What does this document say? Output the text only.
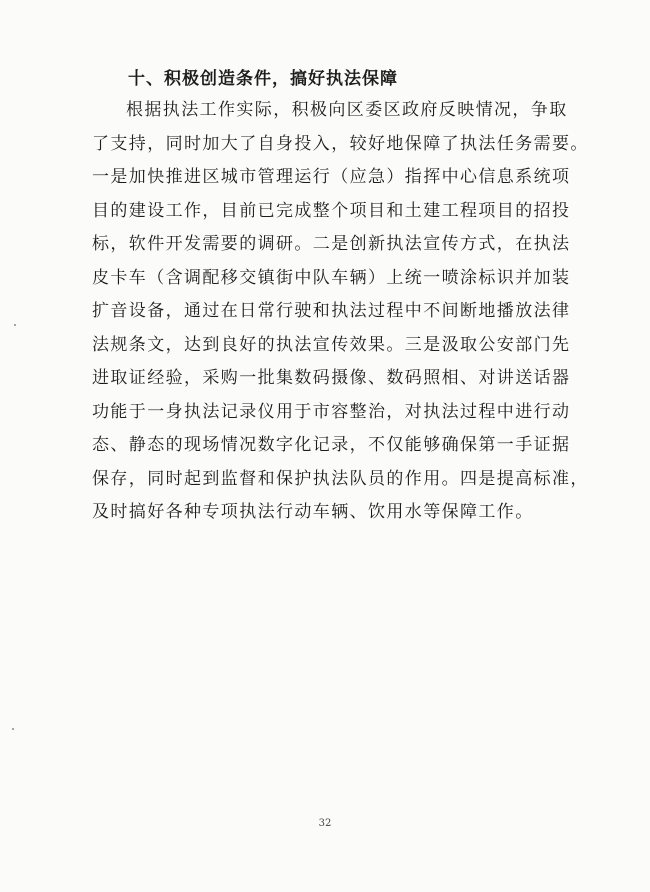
十、积极创造条件，搞好执法保障
根据执法工作实际，积极向区委区政府反映情况，争取
了支持，同时加大了自身投入，较好地保障了执法任务需要。
一是加快推进区城市管理运行（应急）指挥中心信息系统项
目的建设工作，目前已完成整个项目和土建工程项目的招投
标，软件开发需要的调研。二是创新执法宣传方式，在执法
皮卡车（含调配移交镇街中队车辆）上统一喷涂标识并加装
扩音设备，通过在日常行驶和执法过程中不间断地播放法律
法规条文，达到良好的执法宣传效果。三是汲取公安部门先
进取证经验，采购一批集数码摄像、数码照相、对讲送话器
功能于一身执法记录仪用于市容整治，对执法过程中进行动
态、静态的现场情况数字化记录，不仅能够确保第一手证据
保存，同时起到监督和保护执法队员的作用。四是提高标准，
及时搞好各种专项执法行动车辆、饮用水等保障工作。
32
